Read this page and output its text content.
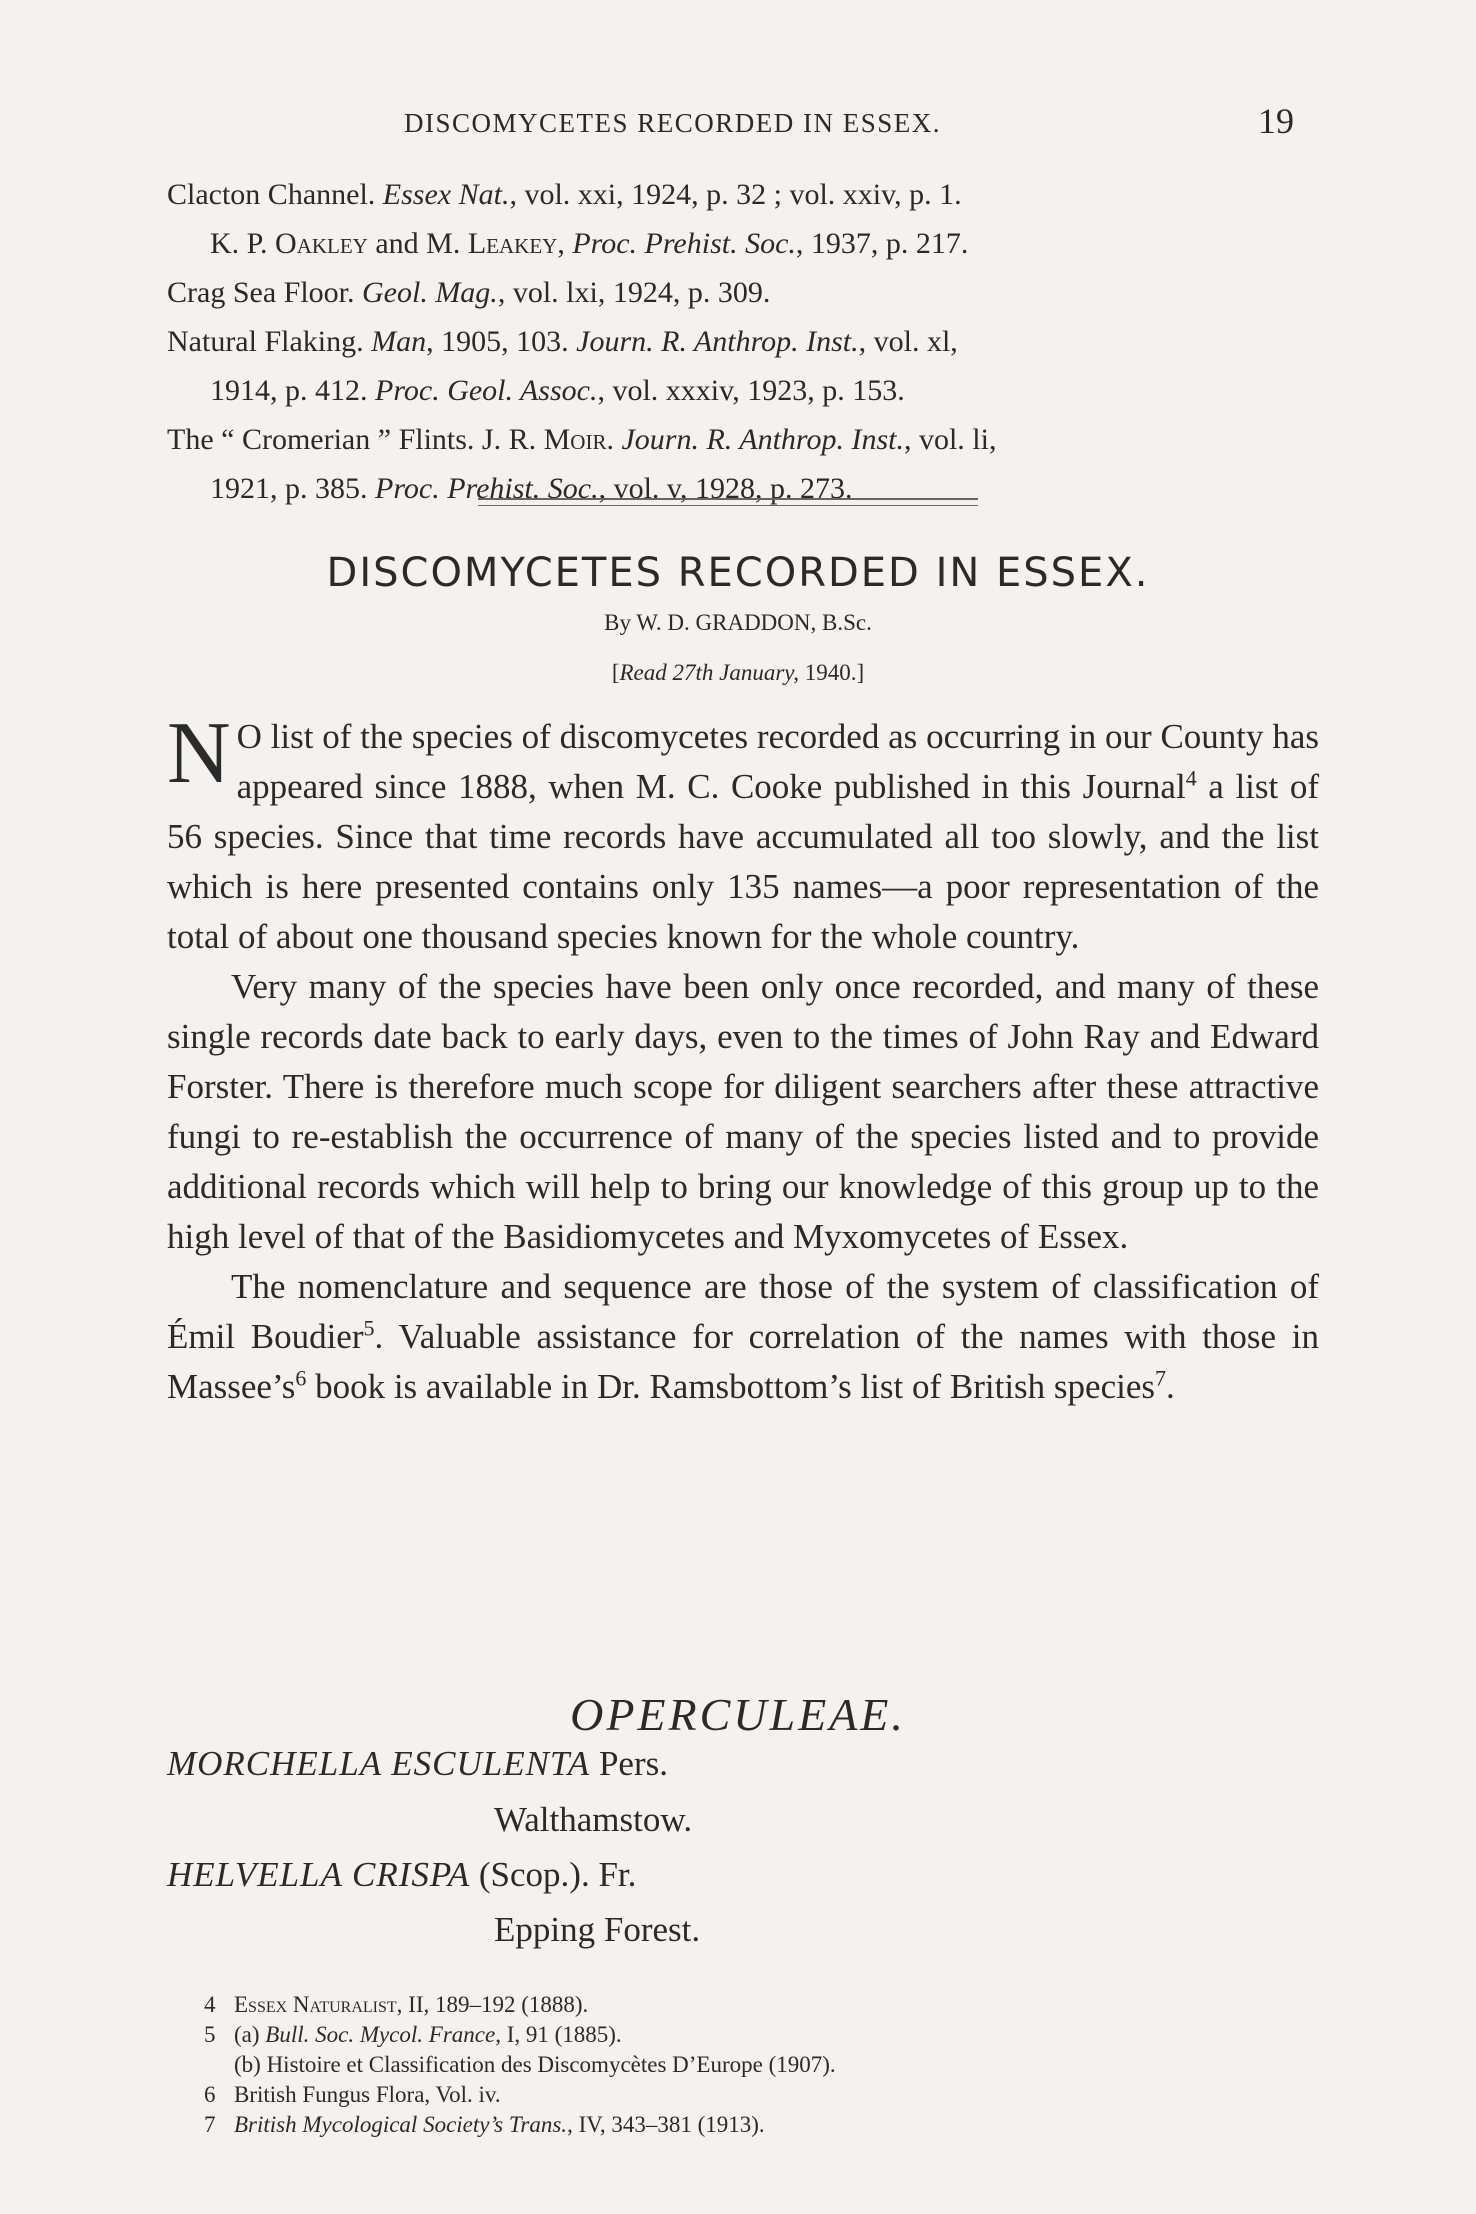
DISCOMYCETES RECORDED IN ESSEX.	19
Clacton Channel. Essex Nat., vol. xxi, 1924, p. 32 ; vol. xxiv, p. 1.
K. P. Oakley and M. Leakey, Proc. Prehist. Soc., 1937, p. 217.
Crag Sea Floor. Geol. Mag., vol. lxi, 1924, p. 309.
Natural Flaking. Man, 1905, 103. Journ. R. Anthrop. Inst., vol. xl,
1914, p. 412. Proc. Geol. Assoc., vol. xxxiv, 1923, p. 153.
The “ Cromerian ” Flints. J. R. Moir. Journ. R. Anthrop. Inst., vol. li,
1921, p. 385. Proc. Prehist. Soc., vol. v, 1928, p. 273.
DISCOMYCETES RECORDED IN ESSEX.
By W. D. GRADDON, B.Sc.
[Read 27th January, 1940.]

N O list of the species of discomycetes recorded as occurring in our County has appeared since 1888, when M. C. Cooke published in this Journal$^4$ a list of 56 species. Since that time records have accumulated all too slowly, and the list which is here presented contains only 135 names—a poor representation of the total of about one thousand species known for the whole country.

Very many of the species have been only once recorded, and many of these single records date back to early days, even to the times of John Ray and Edward Forster. There is therefore much scope for diligent searchers after these attractive fungi to re-establish the occurrence of many of the species listed and to provide additional records which will help to bring our knowledge of this group up to the high level of that of the Basidiomycetes and Myxomycetes of Essex.

The nomenclature and sequence are those of the system of classification of Émil Boudier$^5$. Valuable assistance for correlation of the names with those in $Massee’s^6$ book is available in Dr. Ramsbottom’s list of British species$^7$.

OPERCULEAE.
MORCHELLA ESCULENTA Pers.
Walthamstow.
HELVELLA CRISPA (Scop.). Fr.
Epping Forest.
4 Essex Naturalist, II, 189–192 (1888).
5 (a) Bull. Soc. Mycol. France, I, 91 (1885).
(b) Histoire et Classification des Discomycètes D’Europe (1907).
6 British Fungus Flora, Vol. iv.
7 British Mycological Society’s Trans., IV, 343–381 (1913).
